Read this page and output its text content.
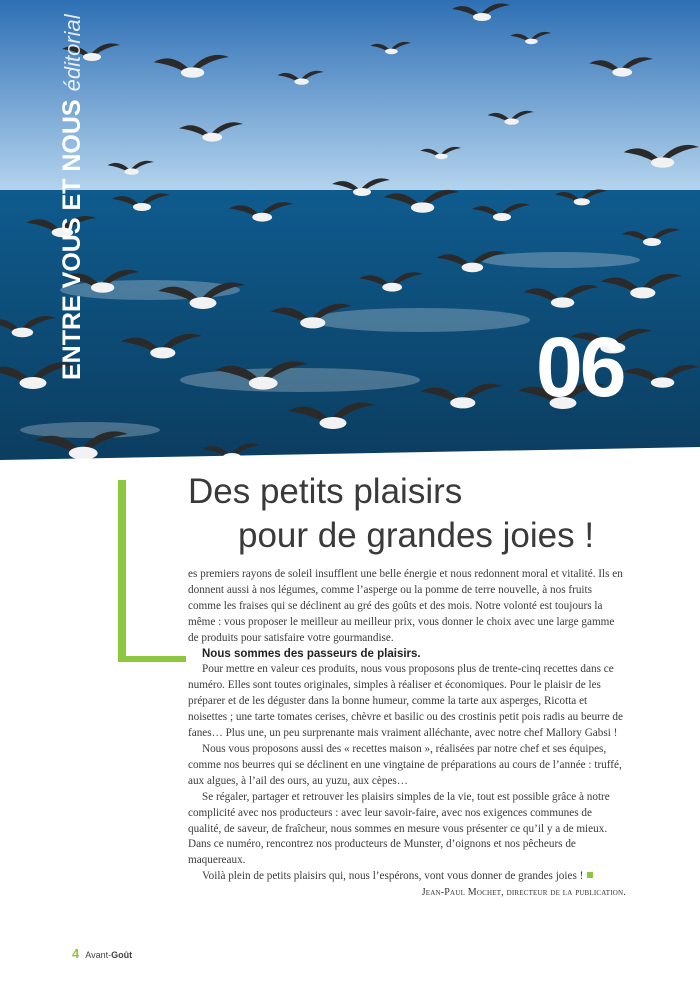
ENTRE VOUS ET NOUS
éditorial
06
Des petits plaisirs
pour de grandes joies !

es premiers rayons de soleil insufflent une belle énergie et nous redonnent moral et vitalité. Ils en donnent aussi à nos légumes, comme l’asperge ou la pomme de terre nouvelle, à nos fruits comme les fraises qui se déclinent au gré des goûts et des mois. Notre volonté est toujours la même : vous proposer le meilleur au meilleur prix, vous donner le choix avec une large gamme de produits pour satisfaire votre gourmandise.

Nous sommes des passeurs de plaisirs.

Pour mettre en valeur ces produits, nous vous proposons plus de trente-cinq recettes dans ce numéro. Elles sont toutes originales, simples à réaliser et économiques. Pour le plaisir de les préparer et de les déguster dans la bonne humeur, comme la tarte aux asperges, Ricotta et noisettes ; une tarte tomates cerises, chèvre et basilic ou des crostinis petit pois radis au beurre de fanes… Plus une, un peu surprenante mais vraiment alléchante, avec notre chef Mallory Gabsi !

Nous vous proposons aussi des « recettes maison », réalisées par notre chef et ses équipes, comme nos beurres qui se déclinent en une vingtaine de préparations au cours de l’année : truffé, aux algues, à l’ail des ours, au yuzu, aux cèpes…

Se régaler, partager et retrouver les plaisirs simples de la vie, tout est possible grâce à notre complicité avec nos producteurs : avec leur savoir-faire, avec nos exigences communes de qualité, de saveur, de fraîcheur, nous sommes en mesure vous présenter ce qu’il y a de mieux. Dans ce numéro, rencontrez nos producteurs de Munster, d’oignons et nos pêcheurs de maquereaux.

Voilà plein de petits plaisirs qui, nous l’espérons, vont vous donner de grandes joies !

Jean-Paul Mochet, directeur de la publication.

4 Avant- Goût
